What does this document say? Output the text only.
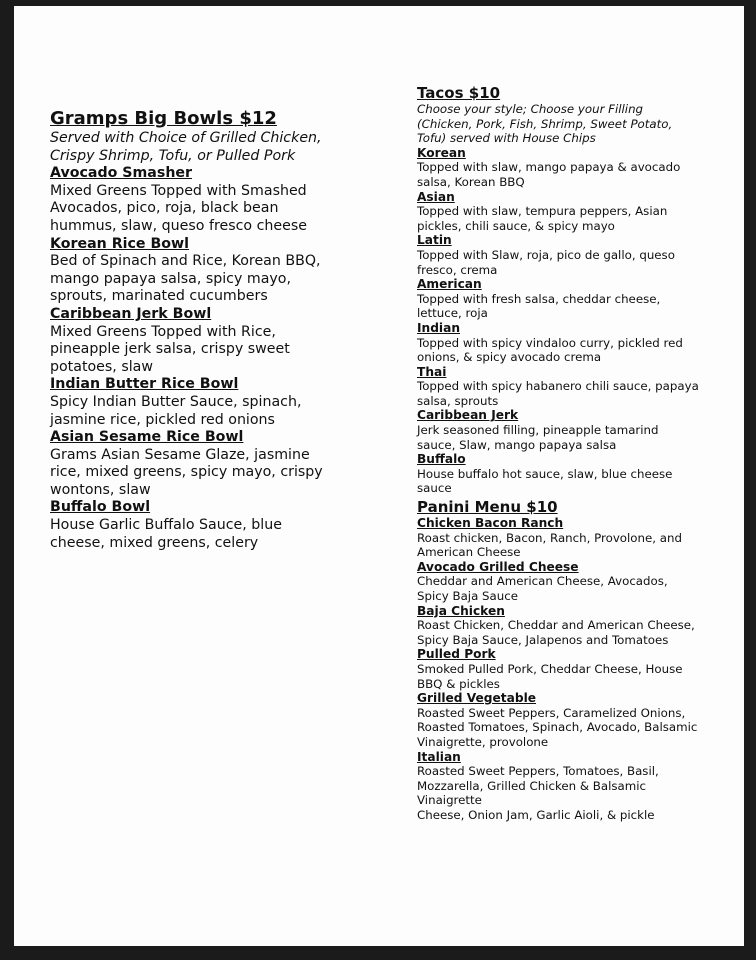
Gramps Big Bowls $12

Served with Choice of Grilled Chicken,

Crispy Shrimp, Tofu, or Pulled Pork

Avocado Smasher

Mixed Greens Topped with Smashed

Avocados, pico, roja, black bean

hummus, slaw, queso fresco cheese

Korean Rice Bowl

Bed of Spinach and Rice, Korean BBQ,

mango papaya salsa, spicy mayo,

sprouts, marinated cucumbers

Caribbean Jerk Bowl

Mixed Greens Topped with Rice,

pineapple jerk salsa, crispy sweet

potatoes, slaw

Indian Butter Rice Bowl

Spicy Indian Butter Sauce, spinach,

jasmine rice, pickled red onions

Asian Sesame Rice Bowl

Grams Asian Sesame Glaze, jasmine

rice, mixed greens, spicy mayo, crispy

wontons, slaw

Buffalo Bowl

House Garlic Buffalo Sauce, blue

cheese, mixed greens, celery

Tacos $10

Choose your style; Choose your Filling

(Chicken, Pork, Fish, Shrimp, Sweet Potato,

Tofu) served with House Chips

Korean

Topped with slaw, mango papaya & avocado

salsa, Korean BBQ

Asian

Topped with slaw, tempura peppers, Asian

pickles, chili sauce, & spicy mayo

Latin

Topped with Slaw, roja, pico de gallo, queso

fresco, crema

American

Topped with fresh salsa, cheddar cheese,

lettuce, roja

Indian

Topped with spicy vindaloo curry, pickled red

onions, & spicy avocado crema

Thai

Topped with spicy habanero chili sauce, papaya

salsa, sprouts

Caribbean Jerk

Jerk seasoned filling, pineapple tamarind

sauce, Slaw, mango papaya salsa

Buffalo

House buffalo hot sauce, slaw, blue cheese

sauce

Panini Menu $10

Chicken Bacon Ranch

Roast chicken, Bacon, Ranch, Provolone, and

American Cheese

Avocado Grilled Cheese

Cheddar and American Cheese, Avocados,

Spicy Baja Sauce

Baja Chicken

Roast Chicken, Cheddar and American Cheese,

Spicy Baja Sauce, Jalapenos and Tomatoes

Pulled Pork

Smoked Pulled Pork, Cheddar Cheese, House

BBQ & pickles

Grilled Vegetable

Roasted Sweet Peppers, Caramelized Onions,

Roasted Tomatoes, Spinach, Avocado, Balsamic

Vinaigrette, provolone

Italian

Roasted Sweet Peppers, Tomatoes, Basil,

Mozzarella, Grilled Chicken & Balsamic

Vinaigrette

Cheese, Onion Jam, Garlic Aioli, & pickle
